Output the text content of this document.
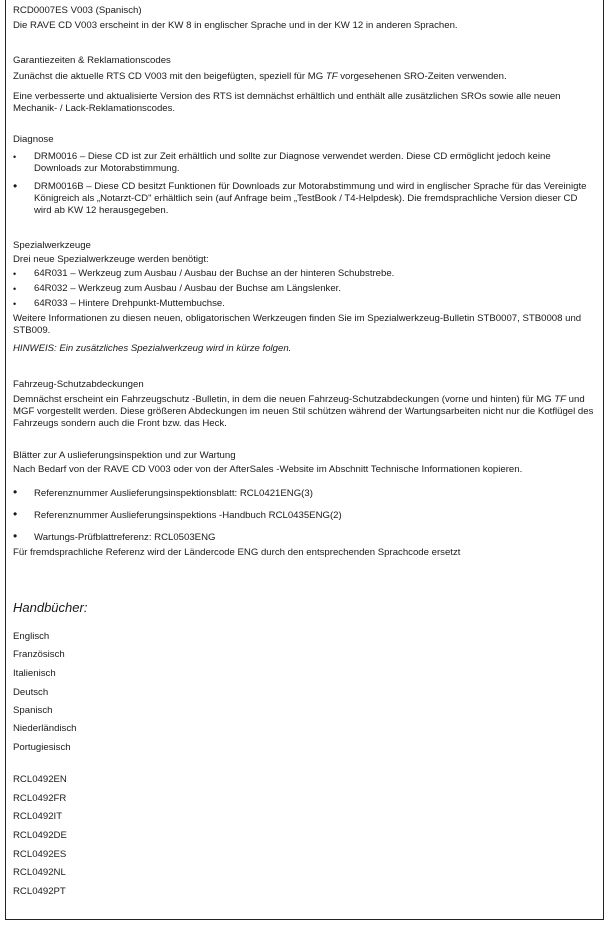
RCD0007ES V003 (Spanisch)
Die RAVE CD V003 erscheint in der KW 8 in englischer Sprache und in der KW 12 in anderen Sprachen.
Garantiezeiten & Reklamationscodes
Zunächst die aktuelle RTS CD V003 mit den beigefügten, speziell für MG TF vorgesehenen SRO-Zeiten verwenden.
Eine verbesserte und aktualisierte Version des RTS ist demnächst erhältlich und enthält alle zusätzlichen SROs sowie alle neuen Mechanik- / Lack-Reklamationscodes.
Diagnose
• DRM0016 – Diese CD ist zur Zeit erhältlich und sollte zur Diagnose verwendet werden. Diese CD ermöglicht jedoch keine Downloads zur Motorabstimmung.
• DRM0016B – Diese CD besitzt Funktionen für Downloads zur Motorabstimmung und wird in englischer Sprache für das Vereinigte Königreich als „Notarzt-CD" erhältlich sein (auf Anfrage beim „TestBook / T4-Helpdesk). Die fremdsprachliche Version dieser CD wird ab KW 12 herausgegeben.
Spezialwerkzeuge
Drei neue Spezialwerkzeuge werden benötigt:
• 64R031 – Werkzeug zum Ausbau / Ausbau der Buchse an der hinteren Schubstrebe.
• 64R032 – Werkzeug zum Ausbau / Ausbau der Buchse am Längslenker.
• 64R033 – Hintere Drehpunkt-Muttembuchse.
Weitere Informationen zu diesen neuen, obligatorischen Werkzeugen finden Sie im Spezialwerkzeug-Bulletin STB0007, STB0008 und STB009.
HINWEIS: Ein zusätzliches Spezialwerkzeug wird in kürze folgen.
Fahrzeug-Schutzabdeckungen
Demnächst erscheint ein Fahrzeugschutz -Bulletin, in dem die neuen Fahrzeug-Schutzabdeckungen (vorne und hinten) für MG TF und MGF vorgestellt werden. Diese größeren Abdeckungen im neuen Stil schützen während der Wartungsarbeiten nicht nur die Kotflügel des Fahrzeugs sondern auch die Front bzw. das Heck.
Blätter zur A uslieferungsinspektion und zur Wartung
Nach Bedarf von der RAVE CD V003 oder von der AfterSales -Website im Abschnitt Technische Informationen kopieren.
• Referenznummer Auslieferungsinspektionsblatt: RCL0421ENG(3)
• Referenznummer Auslieferungsinspektions -Handbuch RCL0435ENG(2)
• Wartungs-Prüfblattreferenz: RCL0503ENG
Für fremdsprachliche Referenz wird der Ländercode ENG durch den entsprechenden Sprachcode ersetzt
Handbücher:
Englisch
Französisch
Italienisch
Deutsch
Spanisch
Niederländisch
Portugiesisch
RCL0492EN
RCL0492FR
RCL0492IT
RCL0492DE
RCL0492ES
RCL0492NL
RCL0492PT
